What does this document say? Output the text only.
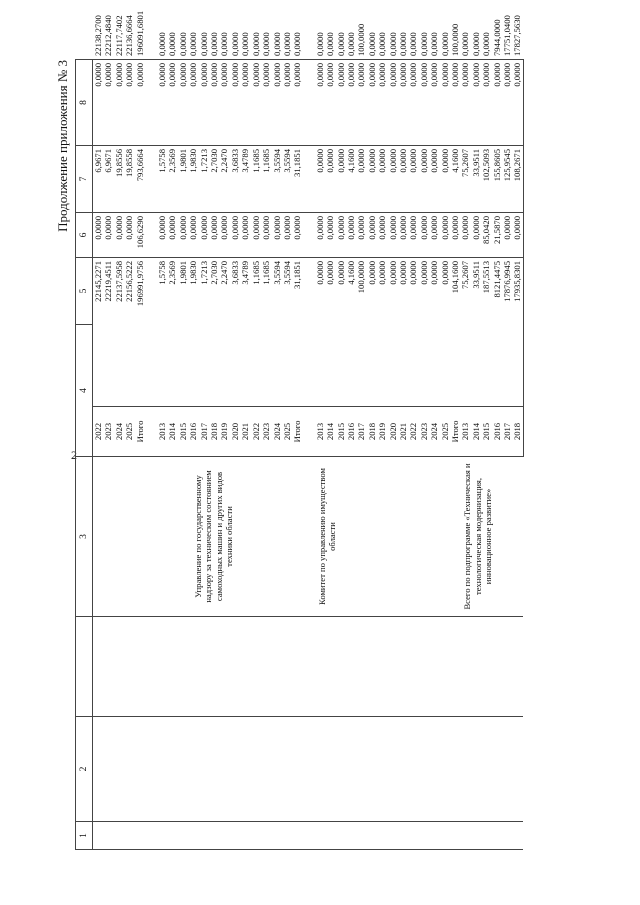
2
Продолжение приложения № 3
1	2		3	4		5	6	7	8	

			Управление по государственному надзору за техническим состоянием самоходных машин и других видов техники области	2022	22145,2271		0,0000	6,9671	0,0000	22138,2700
				2023	22219,4511		0,0000	6,9671	0,0000	22212,4840
				2024	22137,5958		0,0000	19,8556	0,0000	22117,7402
				2025	22156,5222		0,0000	19,8558	0,0000	22136,6664
				Итого	196991,9756		106,6290	793,6664	0,0000	196091,6801

				2013	1,5758		0,0000	1,5758	0,0000	0,0000
				2014	2,3569		0,0000	2,3569	0,0000	0,0000
				2015	1,9801		0,0000	1,9801	0,0000	0,0000
				2016	1,9830		0,0000	1,9830	0,0000	0,0000
				2017	1,7213		0,0000	1,7213	0,0000	0,0000
				2018	2,7030		0,0000	2,7030	0,0000	0,0000
				2019	2,2470		0,0000	2,2470	0,0000	0,0000
				2020	3,6833		0,0000	3,6833	0,0000	0,0000
				2021	3,4789		0,0000	3,4789	0,0000	0,0000
				2022	1,1685		0,0000	1,1685	0,0000	0,0000
				2023	1,1685		0,0000	1,1685	0,0000	0,0000
				2024	3,5594		0,0000	3,5594	0,0000	0,0000
				2025	3,5594		0,0000	3,5594	0,0000	0,0000
				Итого	31,1851		0,0000	31,1851	0,0000	0,0000

			Комитет по управлению имуществом области							

				2013	0,0000		0,0000	0,0000	0,0000	0,0000
				2014	0,0000		0,0000	0,0000	0,0000	0,0000
				2015	0,0000		0,0000	0,0000	0,0000	0,0000
				2016	4,1600		0,0000	4,1600	0,0000	0,0000
				2017	100,0000		0,0000	0,0000	0,0000	100,0000
				2018	0,0000		0,0000	0,0000	0,0000	0,0000
				2019	0,0000		0,0000	0,0000	0,0000	0,0000
				2020	0,0000		0,0000	0,0000	0,0000	0,0000
				2021	0,0000		0,0000	0,0000	0,0000	0,0000
				2022	0,0000		0,0000	0,0000	0,0000	0,0000
				2023	0,0000		0,0000	0,0000	0,0000	0,0000
				2024	0,0000		0,0000	0,0000	0,0000	0,0000
				2025	0,0000		0,0000	0,0000	0,0000	0,0000
				Итого	104,1600		0,0000	4,1600	0,0000	100,0000

			Всего по подпрограмме «Техническая и технологическая модернизация, инновационное развитие»	2013	75,2607		0,0000	75,2607	0,0000	0,0000
				2014	33,9511		0,0000	33,9511	0,0000	0,0000
				2015	187,5513		85,0420	102,5093	0,0000	0,0000
				2016	8121,4475		21,5870	155,8605	0,0000	7944,0000
				2017	17876,9945		0,0000	125,9545	0,0000	17751,0400
				2018	17935,8301		0,0000	108,2671	0,0000	17827,5630
